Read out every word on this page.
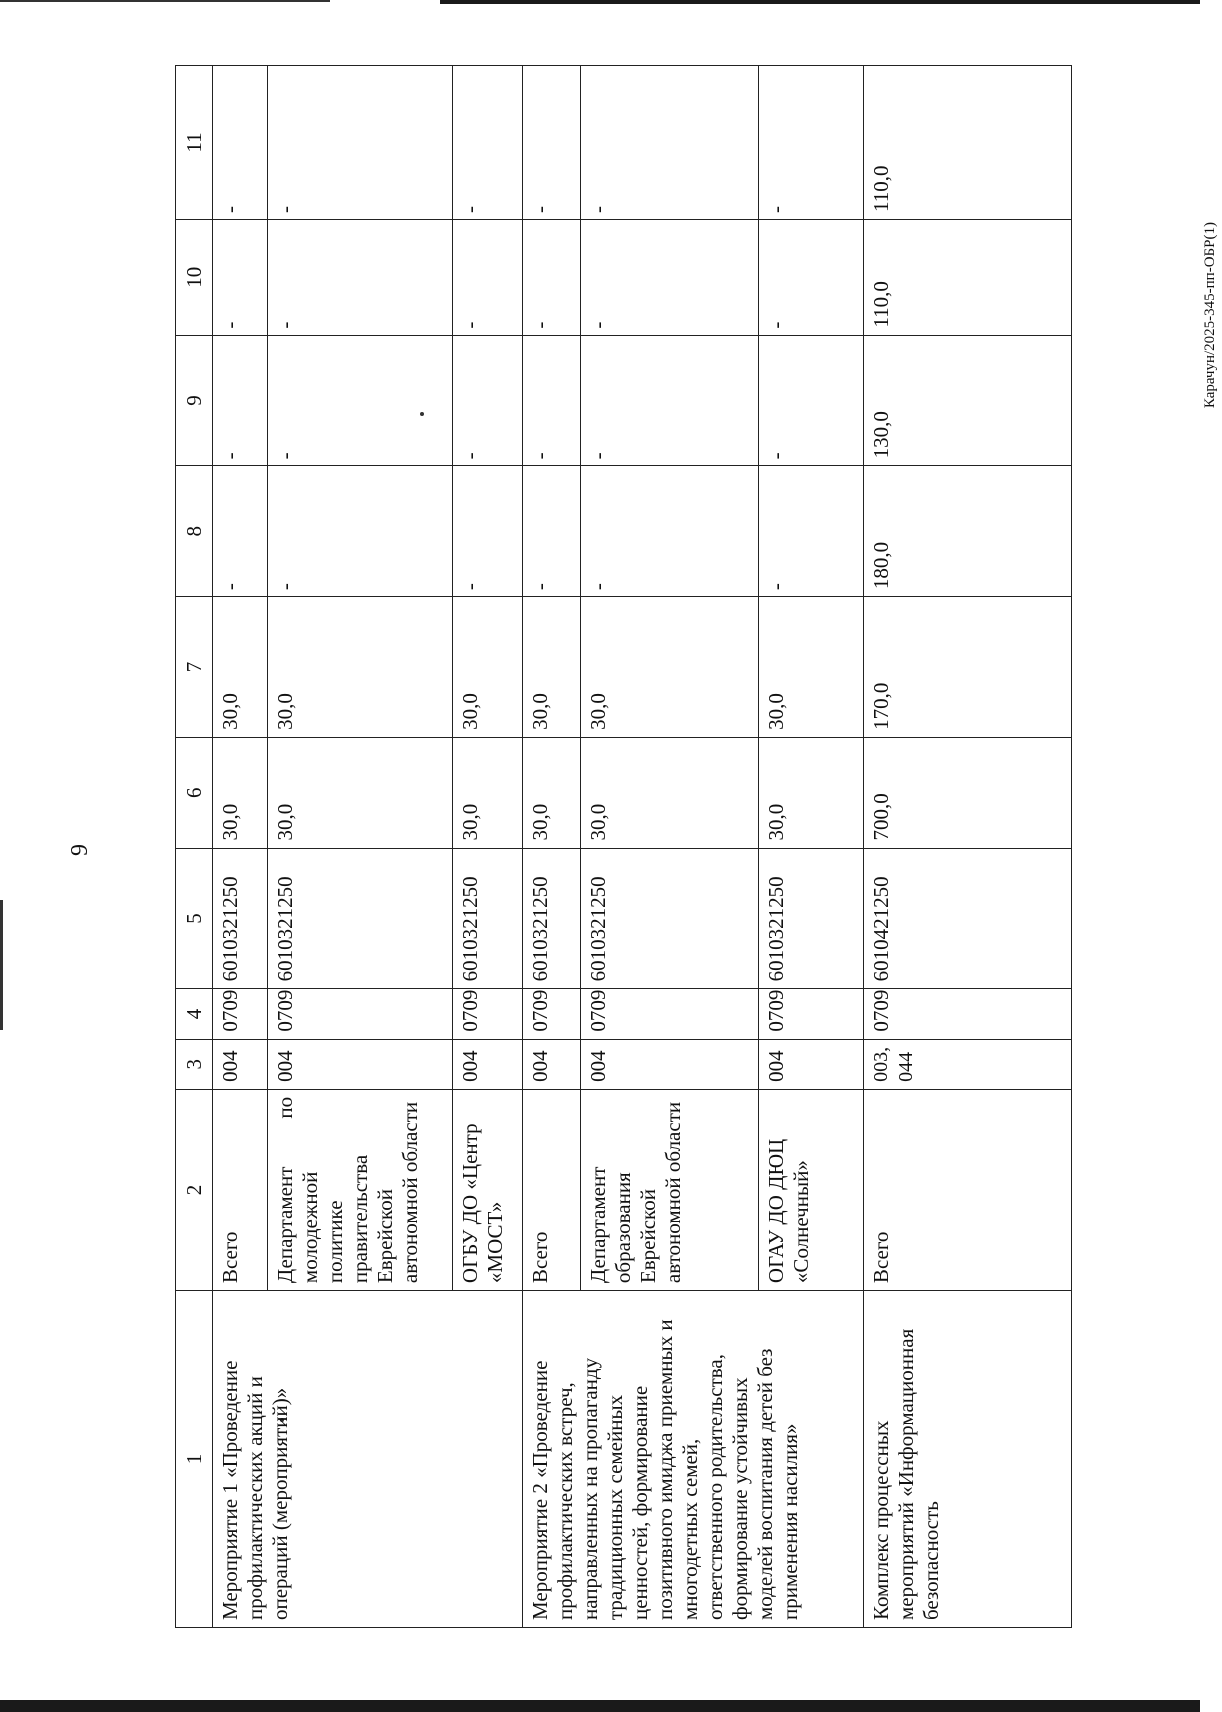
9
Карачун/2025-345-пп-ОБР(1)
1	2	3	4	5	6	7	8	9	10	11
Мероприятие 1 «Проведение профилактических акций и операций (мероприятий)»	Всего	004	0709	6010321250	30,0	30,0	-	-	-	-
	Департамент по молодежной политике правительства Еврейской автономной области	004	0709	6010321250	30,0	30,0	-	-	-	-
	ОГБУ ДО «Центр «МОСТ»	004	0709	6010321250	30,0	30,0	-	-	-	-
Мероприятие 2 «Проведение профилактических встреч, направленных на пропаганду традиционных семейных ценностей, формирование позитивного имиджа приемных и многодетных семей, ответственного родительства, формирование устойчивых моделей воспитания детей без применения насилия»	Всего	004	0709	6010321250	30,0	30,0	-	-	-	-
	Департамент образования Еврейской автономной области	004	0709	6010321250	30,0	30,0	-	-	-	-
	ОГАУ ДО ДЮЦ «Солнечный»	004	0709	6010321250	30,0	30,0	-	-	-	-
Комплекс процессных мероприятий «Информационная безопасность	Всего	003, 044	0709	6010421250	700,0	170,0	180,0	130,0	110,0	110,0
